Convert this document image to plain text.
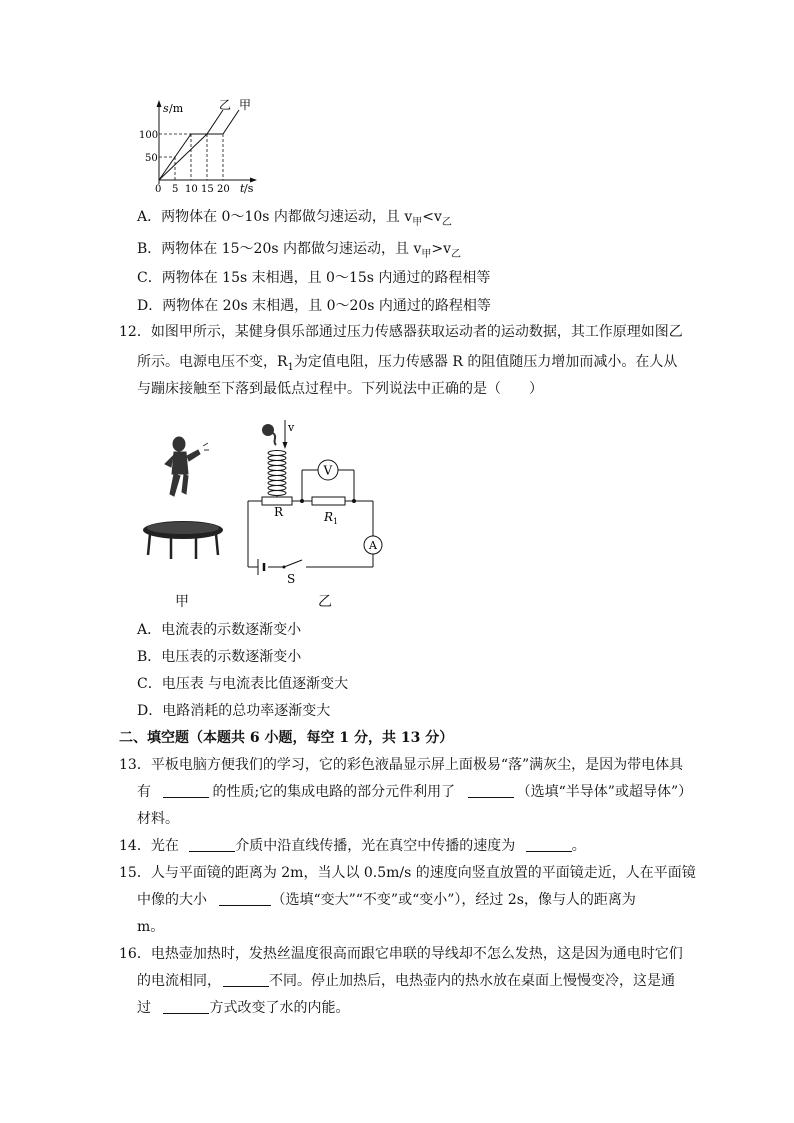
s /m
100
50
0 5 10 15 20 t /s
乙 甲
A．两物体在 0～10s 内都做匀速运动，且 $v_甲<v_乙$
B．两物体在 15～20s 内都做匀速运动，且 $v_甲>v_乙$
C．两物体在 15s 末相遇，且 0～15s 内通过的路程相等
D．两物体在 20s 末相遇，且 0～20s 内通过的路程相等
12．如图甲所示，某健身俱乐部通过压力传感器获取运动者的运动数据，其工作原理如图乙
所示。电源电压不变，$R_1$为定值电阻，压力传感器 R 的阻值随压力增加而减小。在人从
与蹦床接触至下落到最低点过程中。下列说法中正确的是（　　）
甲
v
R	$R_1$
V
A
S
乙
A．电流表的示数逐渐变小
B．电压表的示数逐渐变小
C．电压表 与电流表比值逐渐变大
D．电路消耗的总功率逐渐变大
二、填空题（本题共 6 小题，每空 1 分，共 13 分）
13．平板电脑方便我们的学习，它的彩色液晶显示屏上面极易“落”满灰尘，是因为带电体具
有	的性质;它的集成电路的部分元件利用了	（选填“半导体”或超导体”）
材料。
14．光在	介质中沿直线传播，光在真空中传播的速度为	。
15．人与平面镜的距离为 2m，当人以 0.5m/s 的速度向竖直放置的平面镜走近，人在平面镜
中像的大小	（选填“变大”“不变”或“变小”），经过 2s，像与人的距离为
m。
16．电热壶加热时，发热丝温度很高而跟它串联的导线却不怎么发热，这是因为通电时它们
的电流相同，	不同。停止加热后，电热壶内的热水放在桌面上慢慢变冷，这是通
过	方式改变了水的内能。
